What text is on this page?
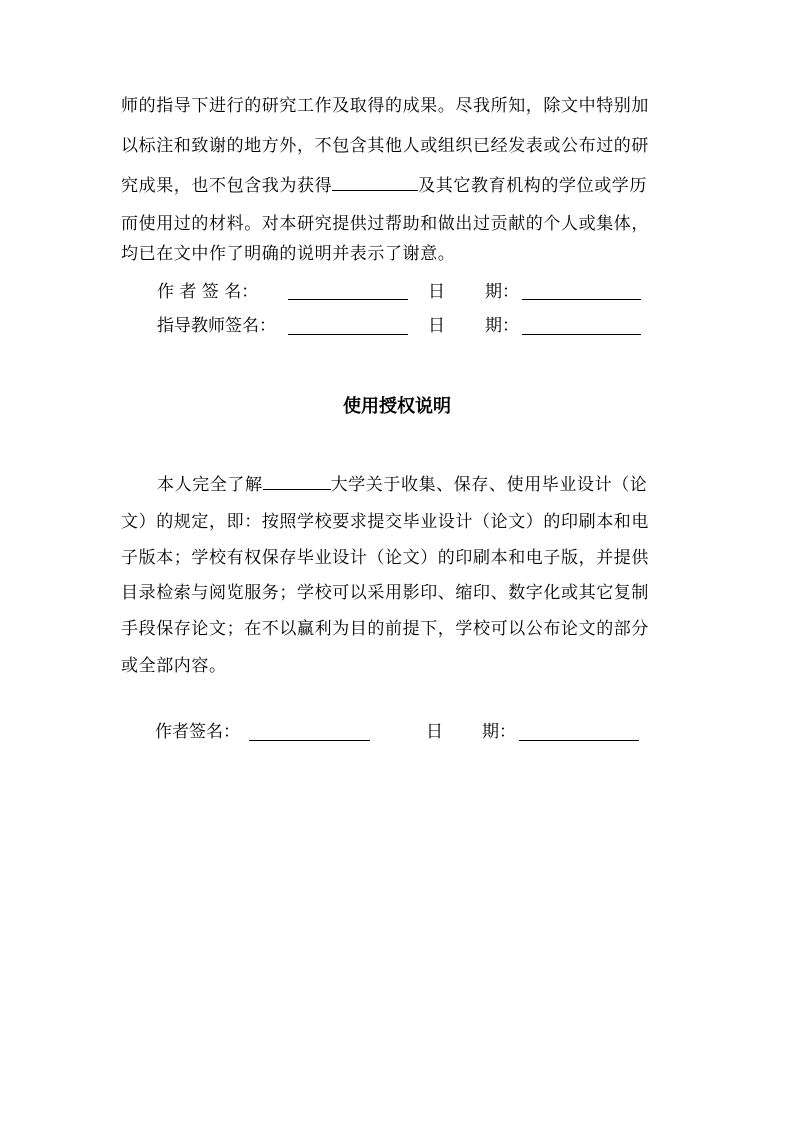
师的指导下进行的研究工作及取得的成果。尽我所知，除文中特别加
以标注和致谢的地方外，不包含其他人或组织已经发表或公布过的研
究成果，也不包含我为获得	及其它教育机构的学位或学历
而使用过的材料。对本研究提供过帮助和做出过贡献的个人或集体，
均已在文中作了明确的说明并表示了谢意。
作 者 签 名：	日 期：
指导教师签名：	日 期：
使用授权说明
本人完全了解	大学关于收集、保存、使用毕业设计（论
文）的规定，即：按照学校要求提交毕业设计（论文）的印刷本和电
子版本；学校有权保存毕业设计（论文）的印刷本和电子版，并提供
目录检索与阅览服务；学校可以采用影印、缩印、数字化或其它复制
手段保存论文；在不以赢利为目的前提下，学校可以公布论文的部分
或全部内容。
作者签名：	日 期：
